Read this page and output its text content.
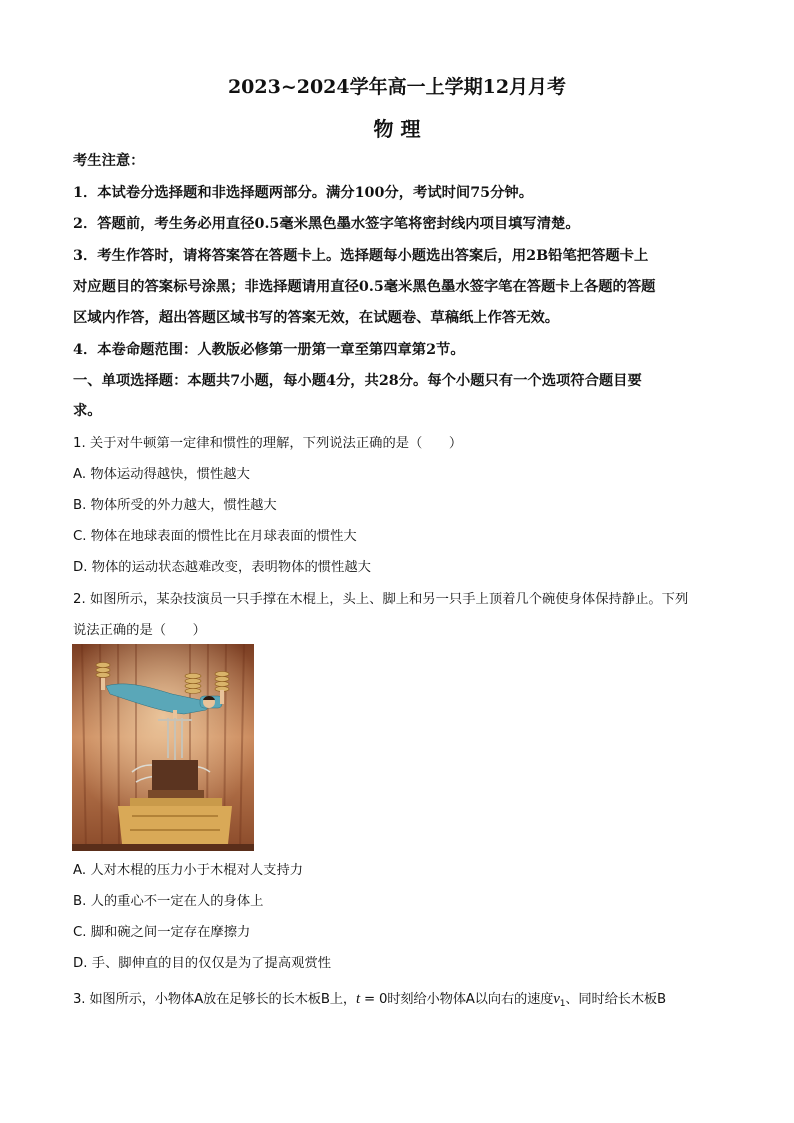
2023~2024学年高一上学期12月月考
物 理
考生注意：
1．本试卷分选择题和非选择题两部分。满分100分，考试时间75分钟。
2．答题前，考生务必用直径0.5毫米黑色墨水签字笔将密封线内项目填写清楚。
3．考生作答时，请将答案答在答题卡上。选择题每小题选出答案后，用2B铅笔把答题卡上
对应题目的答案标号涂黑；非选择题请用直径0.5毫米黑色墨水签字笔在答题卡上各题的答题
区域内作答，超出答题区域书写的答案无效，在试题卷、草稿纸上作答无效。
4．本卷命题范围：人教版必修第一册第一章至第四章第2节。
一、单项选择题：本题共7小题，每小题4分，共28分。每个小题只有一个选项符合题目要
求。
1. 关于对牛顿第一定律和惯性的理解，下列说法正确的是（　　）
A. 物体运动得越快，惯性越大
B. 物体所受的外力越大，惯性越大
C. 物体在地球表面的惯性比在月球表面的惯性大
D. 物体的运动状态越难改变，表明物体的惯性越大
2. 如图所示，某杂技演员一只手撑在木棍上，头上、脚上和另一只手上顶着几个碗使身体保持静止。下列
说法正确的是（　　）
A. 人对木棍的压力小于木棍对人支持力
B. 人的重心不一定在人的身体上
C. 脚和碗之间一定存在摩擦力
D. 手、脚伸直的目的仅仅是为了提高观赏性
3. 如图所示，小物体A放在足够长的长木板B上，t = 0时刻给小物体A以向右的速度$v_1$、同时给长木板B
